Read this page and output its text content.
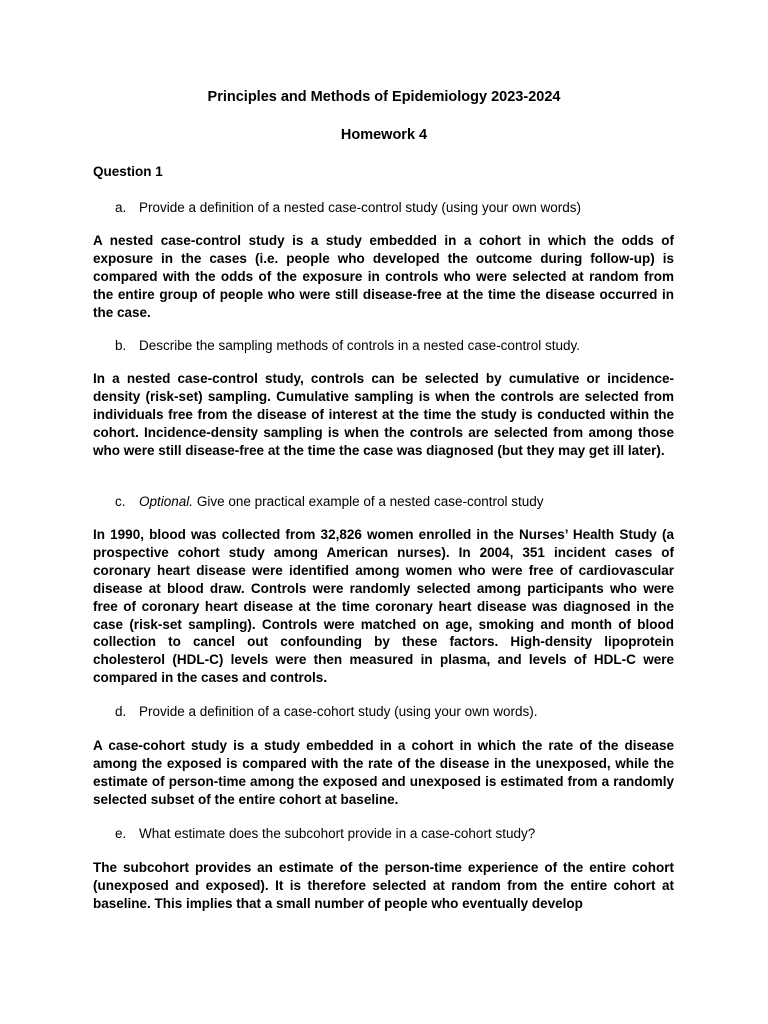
Principles and Methods of Epidemiology 2023-2024
Homework 4
Question 1

a. Provide a definition of a nested case-control study (using your own words)

A nested case-control study is a study embedded in a cohort in which the odds of exposure in the cases (i.e. people who developed the outcome during follow-up) is compared with the odds of the exposure in controls who were selected at random from the entire group of people who were still disease-free at the time the disease occurred in the case.

b. Describe the sampling methods of controls in a nested case-control study.

In a nested case-control study, controls can be selected by cumulative or incidence-density (risk-set) sampling. Cumulative sampling is when the controls are selected from individuals free from the disease of interest at the time the study is conducted within the cohort. Incidence-density sampling is when the controls are selected from among those who were still disease-free at the time the case was diagnosed (but they may get ill later).

c. Optional. Give one practical example of a nested case-control study

In 1990, blood was collected from 32,826 women enrolled in the Nurses’ Health Study (a prospective cohort study among American nurses). In 2004, 351 incident cases of coronary heart disease were identified among women who were free of cardiovascular disease at blood draw. Controls were randomly selected among participants who were free of coronary heart disease at the time coronary heart disease was diagnosed in the case (risk-set sampling). Controls were matched on age, smoking and month of blood collection to cancel out confounding by these factors. High-density lipoprotein cholesterol (HDL-C) levels were then measured in plasma, and levels of HDL-C were compared in the cases and controls.

d. Provide a definition of a case-cohort study (using your own words).

A case-cohort study is a study embedded in a cohort in which the rate of the disease among the exposed is compared with the rate of the disease in the unexposed, while the estimate of person-time among the exposed and unexposed is estimated from a randomly selected subset of the entire cohort at baseline.

e. What estimate does the subcohort provide in a case-cohort study?

The subcohort provides an estimate of the person-time experience of the entire cohort (unexposed and exposed). It is therefore selected at random from the entire cohort at baseline. This implies that a small number of people who eventually develop
